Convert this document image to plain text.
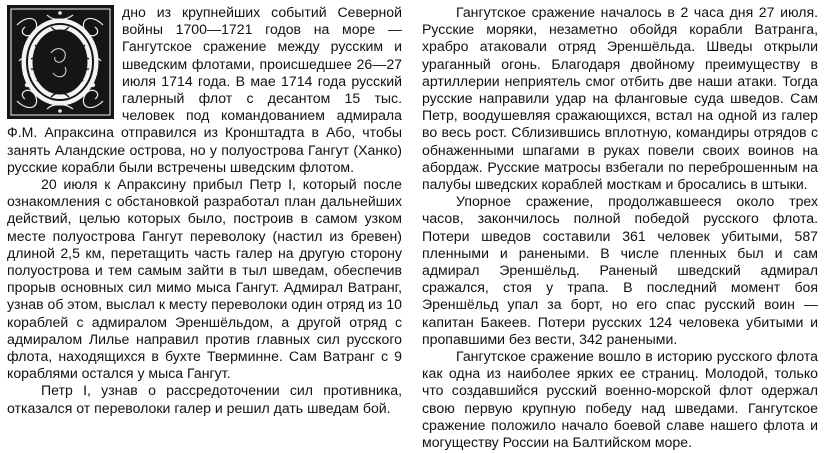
дно из крупнейших событий Северной войны 1700—1721 годов на море — Гангутское сражение между русским и шведским флотами, происшедшее 26—27 июля 1714 года. В мае 1714 года русский галерный флот с десантом 15 тыс. человек под командованием адмирала Ф.М. Апраксина отправился из Кронштадта в Або, чтобы занять Аландские острова, но у полуострова Гангут (Ханко) русские корабли были встречены шведским флотом.

20 июля к Апраксину прибыл Петр I, который после ознакомления с обстановкой разработал план дальнейших действий, целью которых было, построив в самом узком месте полуострова Гангут переволоку (настил из бревен) длиной 2,5 км, перетащить часть галер на другую сторону полуострова и тем самым зайти в тыл шведам, обеспечив прорыв основных сил мимо мыса Гангут. Адмирал Ватранг, узнав об этом, выслал к месту переволоки один отряд из 10 кораблей с адмиралом Эреншёльдом, а другой отряд с адмиралом Лилье направил против главных сил русского флота, находящихся в бухте Тверминне. Сам Ватранг с 9 кораблями остался у мыса Гангут.

Петр I, узнав о рассредоточении сил противника, отказался от переволоки галер и решил дать шведам бой.

Гангутское сражение началось в 2 часа дня 27 июля. Русские моряки, незаметно обойдя корабли Ватранга, храбро атаковали отряд Эреншёльда. Шведы открыли ураганный огонь. Благодаря двойному преимуществу в артиллерии неприятель смог отбить две наши атаки. Тогда русские направили удар на фланговые суда шведов. Сам Петр, воодушевляя сражающихся, встал на одной из галер во весь рост. Сблизившись вплотную, командиры отрядов с обнаженными шпагами в руках повели своих воинов на абордаж. Русские матросы взбегали по переброшенным на палубы шведских кораблей мосткам и бросались в штыки.

Упорное сражение, продолжавшееся около трех часов, закончилось полной победой русского флота. Потери шведов составили 361 человек убитыми, 587 пленными и ранеными. В числе пленных был и сам адмирал Эреншёльд. Раненый шведский адмирал сражался, стоя у трапа. В последний момент боя Эреншёльд упал за борт, но его спас русский воин — капитан Бакеев. Потери русских 124 человека убитыми и пропавшими без вести, 342 ранеными.

Гангутское сражение вошло в историю русского флота как одна из наиболее ярких ее страниц. Молодой, только что создавшийся русский военно-морской флот одержал свою первую крупную победу над шведами. Гангутское сражение положило начало боевой славе нашего флота и могуществу России на Балтийском море.
